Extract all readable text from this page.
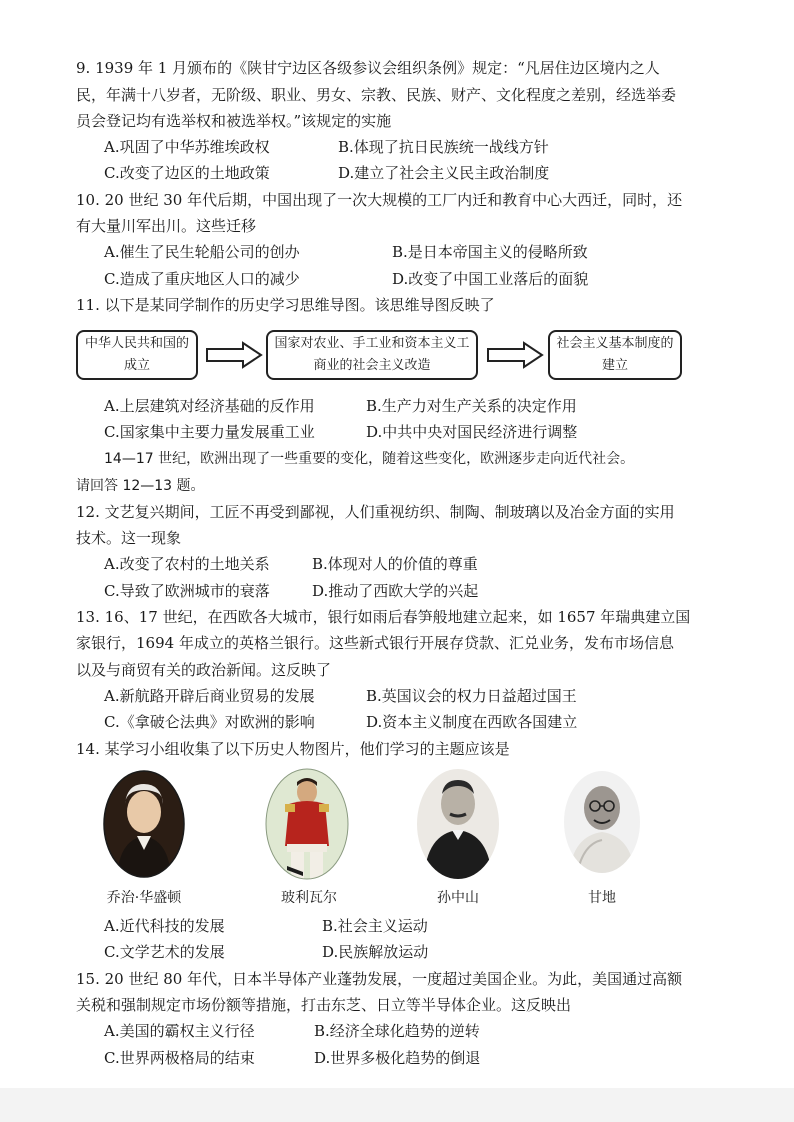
9. 1939 年 1 月颁布的《陕甘宁边区各级参议会组织条例》规定：“凡居住边区境内之人
民，年满十八岁者，无阶级、职业、男女、宗教、民族、财产、文化程度之差别，经选举委
员会登记均有选举权和被选举权。”该规定的实施
A.巩固了中华苏维埃政权	B.体现了抗日民族统一战线方针
C.改变了边区的土地政策	D.建立了社会主义民主政治制度
10. 20 世纪 30 年代后期，中国出现了一次大规模的工厂内迁和教育中心大西迁，同时，还
有大量川军出川。这些迁移
A.催生了民生轮船公司的创办	B.是日本帝国主义的侵略所致
C.造成了重庆地区人口的减少	D.改变了中国工业落后的面貌
11. 以下是某同学制作的历史学习思维导图。该思维导图反映了
中华人民共和国的成立
国家对农业、手工业和资本主义工商业的社会主义改造
社会主义基本制度的建立
A.上层建筑对经济基础的反作用	B.生产力对生产关系的决定作用
C.国家集中主要力量发展重工业	D.中共中央对国民经济进行调整
14—17 世纪，欧洲出现了一些重要的变化，随着这些变化，欧洲逐步走向近代社会。
请回答 12—13 题。
12. 文艺复兴期间，工匠不再受到鄙视，人们重视纺织、制陶、制玻璃以及冶金方面的实用
技术。这一现象
A.改变了农村的土地关系	B.体现对人的价值的尊重
C.导致了欧洲城市的衰落	D.推动了西欧大学的兴起
13. 16、17 世纪，在西欧各大城市，银行如雨后春笋般地建立起来，如 1657 年瑞典建立国
家银行，1694 年成立的英格兰银行。这些新式银行开展存贷款、汇兑业务，发布市场信息
以及与商贸有关的政治新闻。这反映了
A.新航路开辟后商业贸易的发展	B.英国议会的权力日益超过国王
C.《拿破仑法典》对欧洲的影响	D.资本主义制度在西欧各国建立
14. 某学习小组收集了以下历史人物图片，他们学习的主题应该是
乔治·华盛顿	玻利瓦尔	孙中山	甘地
A.近代科技的发展	B.社会主义运动
C.文学艺术的发展	D.民族解放运动
15. 20 世纪 80 年代，日本半导体产业蓬勃发展，一度超过美国企业。为此，美国通过高额
关税和强制规定市场份额等措施，打击东芝、日立等半导体企业。这反映出
A.美国的霸权主义行径	B.经济全球化趋势的逆转
C.世界两极格局的结束	D.世界多极化趋势的倒退
